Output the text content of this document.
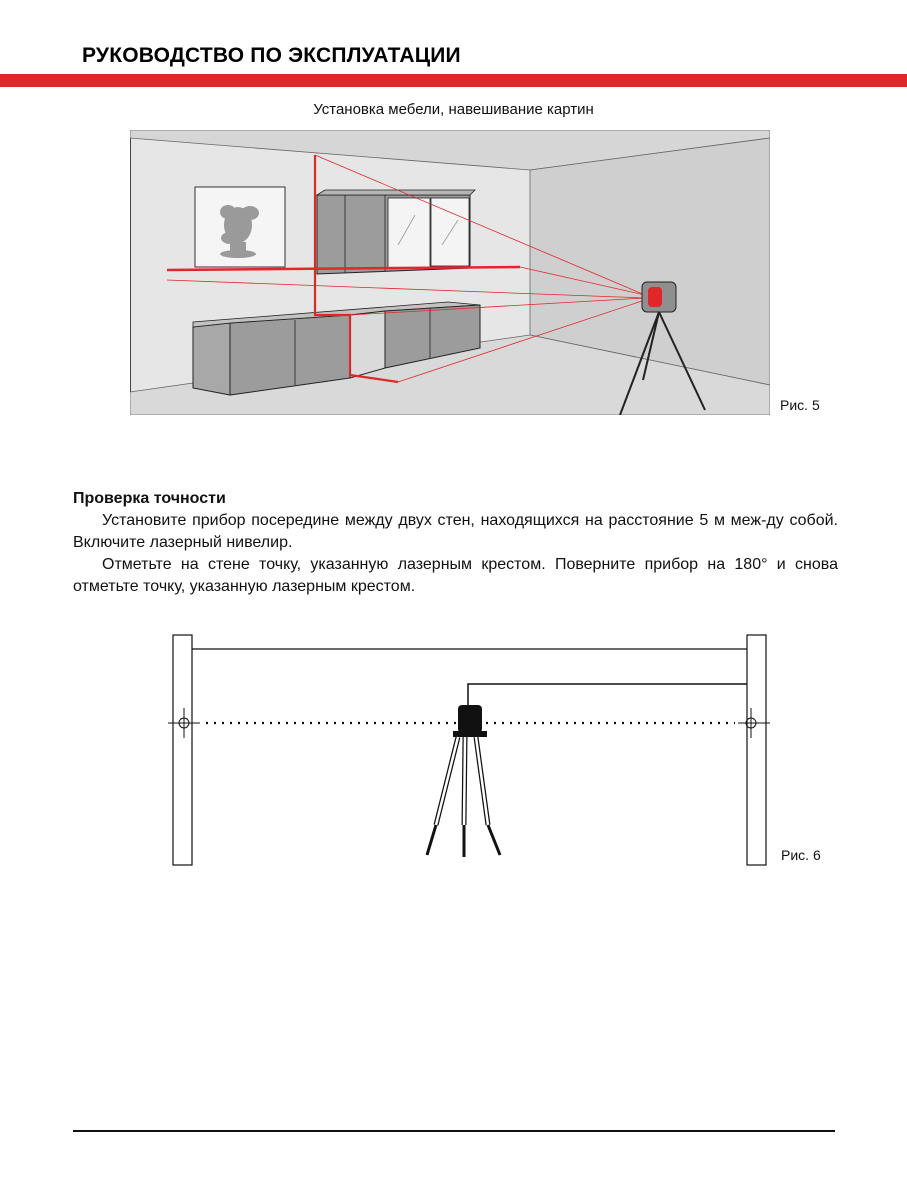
РУКОВОДСТВО ПО ЭКСПЛУАТАЦИИ
Установка мебели, навешивание картин
Рис. 5
Проверка точности

Установите прибор посередине между двух стен, находящихся на расстояние 5 м меж-ду собой. Включите лазерный нивелир.

Отметьте на стене точку, указанную лазерным крестом. Поверните прибор на 180° и снова отметьте точку, указанную лазерным крестом.

Рис. 6
